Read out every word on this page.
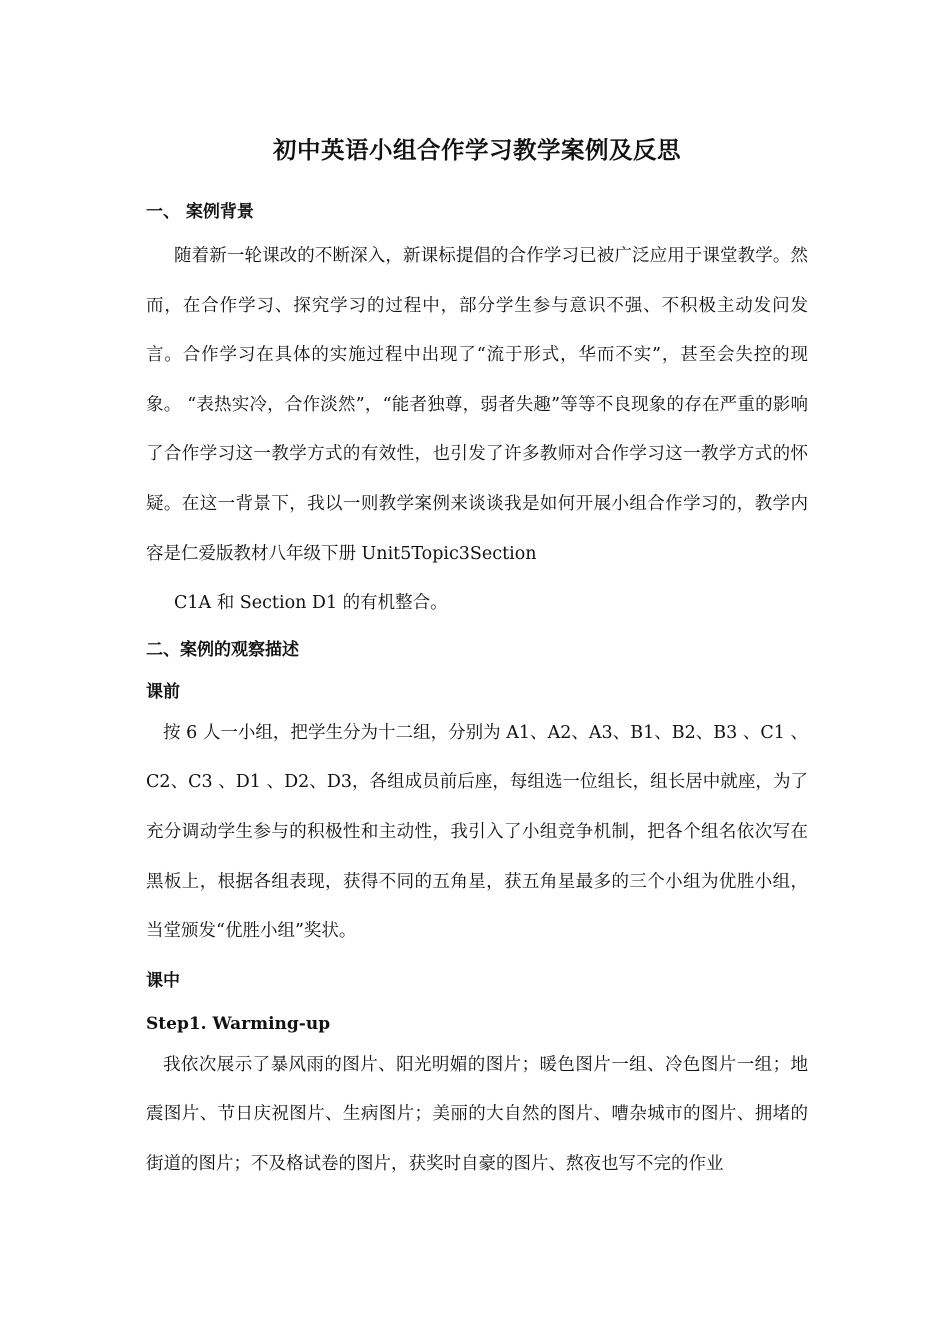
初中英语小组合作学习教学案例及反思
一、 案例背景

随着新一轮课改的不断深入，新课标提倡的合作学习已被广泛应用于课堂教学。然而，在合作学习、探究学习的过程中，部分学生参与意识不强、不积极主动发问发言。合作学习在具体的实施过程中出现了“流于形式，华而不实”，甚至会失控的现象。 “表热实冷，合作淡然”，“能者独尊，弱者失趣”等等不良现象的存在严重的影响了合作学习这一教学方式的有效性，也引发了许多教师对合作学习这一教学方式的怀疑。在这一背景下，我以一则教学案例来谈谈我是如何开展小组合作学习的，教学内容是仁爱版教材八年级下册 Unit5Topic3Section
C1A 和 Section D1 的有机整合。

二、案例的观察描述
课前

按 6 人一小组，把学生分为十二组，分别为 A1、A2、A3、B1、B2、B3 、C1 、C2、C3 、D1 、D2、D3，各组成员前后座，每组选一位组长，组长居中就座，为了充分调动学生参与的积极性和主动性，我引入了小组竞争机制，把各个组名依次写在黑板上，根据各组表现，获得不同的五角星，获五角星最多的三个小组为优胜小组，当堂颁发“优胜小组”奖状。

课中
Step1. Warming-up

我依次展示了暴风雨的图片、阳光明媚的图片；暖色图片一组、冷色图片一组；地震图片、节日庆祝图片、生病图片；美丽的大自然的图片、嘈杂城市的图片、拥堵的街道的图片；不及格试卷的图片，获奖时自豪的图片、熬夜也写不完的作业
